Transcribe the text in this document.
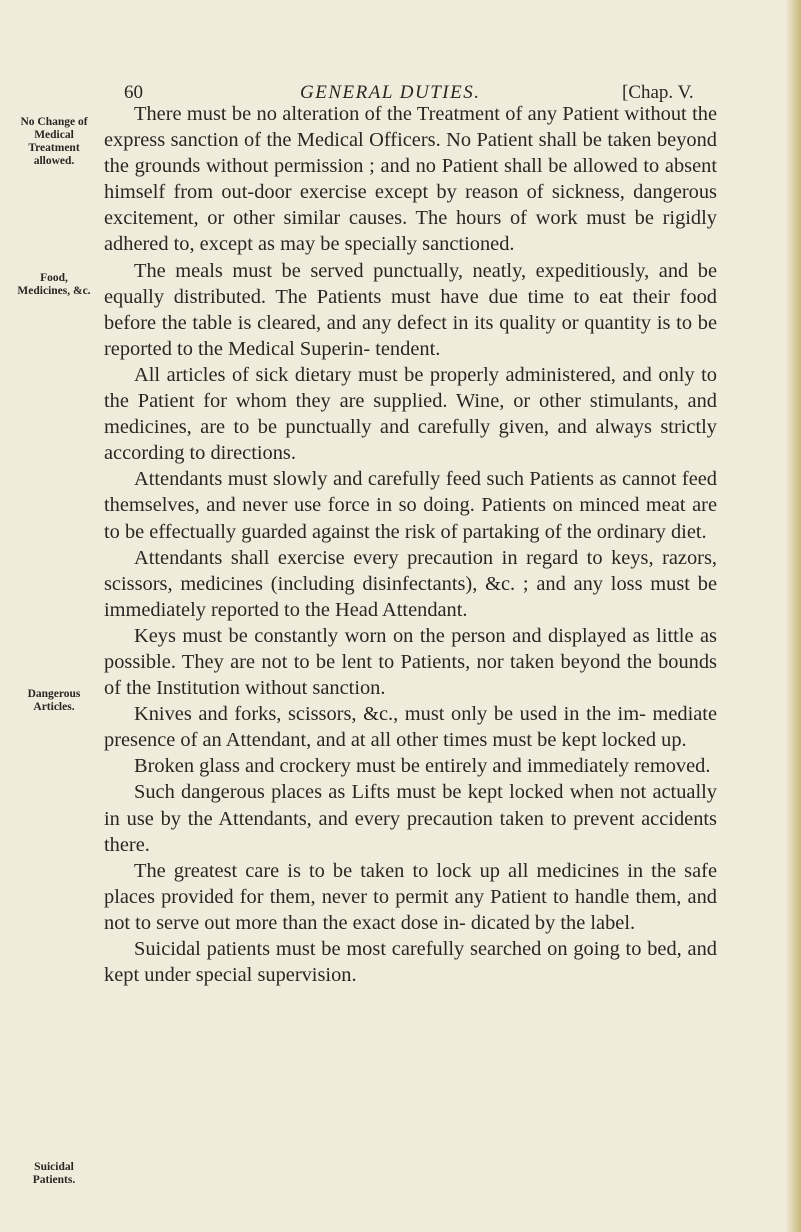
60	GENERAL DUTIES.	[Chap. V.
No Change of Medical Treatment allowed.
Food, Medicines, &c.
Dangerous Articles.
Suicidal Patients.

There must be no alteration of the Treatment of any Patient without the express sanction of the Medical Officers. No Patient shall be taken beyond the grounds without permission ; and no Patient shall be allowed to absent himself from out-door exercise except by reason of sickness, dangerous excitement, or other similar causes. The hours of work must be rigidly adhered to, except as may be specially sanctioned.

The meals must be served punctually, neatly, expeditiously, and be equally distributed. The Patients must have due time to eat their food before the table is cleared, and any defect in its quality or quantity is to be reported to the Medical Superin- tendent.

All articles of sick dietary must be properly administered, and only to the Patient for whom they are supplied. Wine, or other stimulants, and medicines, are to be punctually and carefully given, and always strictly according to directions.

Attendants must slowly and carefully feed such Patients as cannot feed themselves, and never use force in so doing. Patients on minced meat are to be effectually guarded against the risk of partaking of the ordinary diet.

Attendants shall exercise every precaution in regard to keys, razors, scissors, medicines (including disinfectants), &c. ; and any loss must be immediately reported to the Head Attendant.

Keys must be constantly worn on the person and displayed as little as possible. They are not to be lent to Patients, nor taken beyond the bounds of the Institution without sanction.

Knives and forks, scissors, &c., must only be used in the im- mediate presence of an Attendant, and at all other times must be kept locked up.

Broken glass and crockery must be entirely and immediately removed.

Such dangerous places as Lifts must be kept locked when not actually in use by the Attendants, and every precaution taken to prevent accidents there.

The greatest care is to be taken to lock up all medicines in the safe places provided for them, never to permit any Patient to handle them, and not to serve out more than the exact dose in- dicated by the label.

Suicidal patients must be most carefully searched on going to bed, and kept under special supervision.
